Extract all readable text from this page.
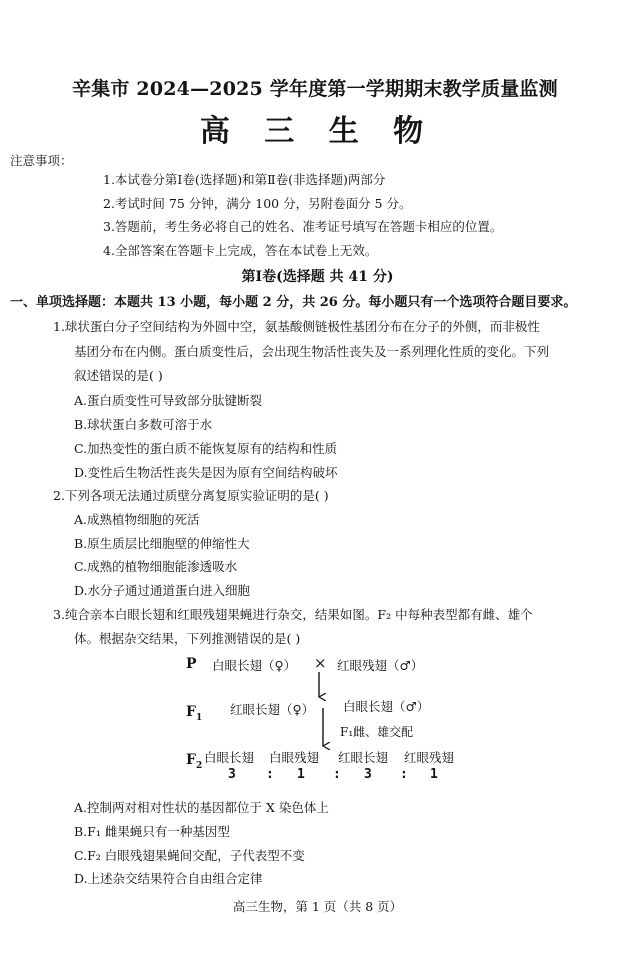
辛集市 2024—2025 学年度第一学期期末教学质量监测
高 三 生 物
注意事项：
1.本试卷分第Ⅰ卷(选择题)和第Ⅱ卷(非选择题)两部分
2.考试时间 75 分钟，满分 100 分，另附卷面分 5 分。
3.答题前，考生务必将自己的姓名、准考证号填写在答题卡相应的位置。
4.全部答案在答题卡上完成，答在本试卷上无效。
第Ⅰ卷(选择题 共 41 分)
一、单项选择题：本题共 13 小题，每小题 2 分，共 26 分。每小题只有一个选项符合题目要求。
1.球状蛋白分子空间结构为外圆中空，氨基酸侧链极性基团分布在分子的外侧，而非极性
基团分布在内侧。蛋白质变性后，会出现生物活性丧失及一系列理化性质的变化。下列
叙述错误的是( )
A.蛋白质变性可导致部分肽键断裂
B.球状蛋白多数可溶于水
C.加热变性的蛋白质不能恢复原有的结构和性质
D.变性后生物活性丧失是因为原有空间结构破坏
2.下列各项无法通过质壁分离复原实验证明的是( )
A.成熟植物细胞的死活
B.原生质层比细胞壁的伸缩性大
C.成熟的植物细胞能渗透吸水
D.水分子通过通道蛋白进入细胞
3.纯合亲本白眼长翅和红眼残翅果蝇进行杂交，结果如图。F₂ 中每种表型都有雌、雄个
体。根据杂交结果，下列推测错误的是( )
P 白眼长翅（♀） × 红眼残翅（♂）
$F_1$
红眼长翅（♀） 白眼长翅（♂）
F₁雌、雄交配
$F_2$
白眼长翅 白眼残翅 红眼长翅 红眼残翅
3 : 1 : 3 : 1
A.控制两对相对性状的基因都位于 X 染色体上
B.F₁ 雌果蝇只有一种基因型
C.F₂ 白眼残翅果蝇间交配，子代表型不变
D.上述杂交结果符合自由组合定律
高三生物，第 1 页（共 8 页）
